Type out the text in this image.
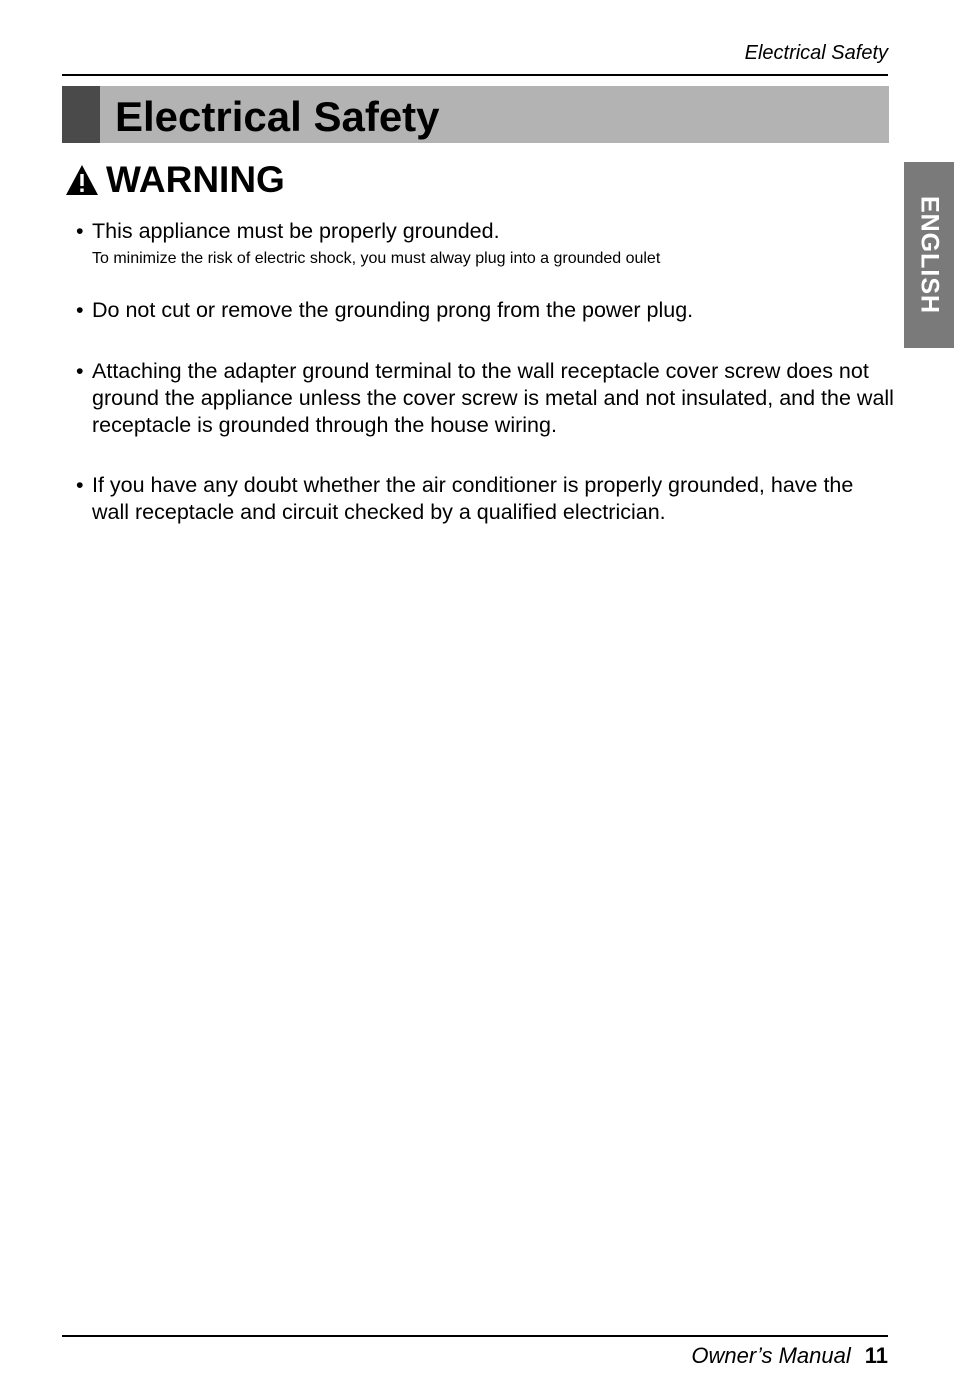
Electrical Safety
Electrical Safety
ENGLISH
WARNING
• This appliance must be properly grounded.
To minimize the risk of electric shock, you must alway plug into a grounded oulet
• Do not cut or remove the grounding prong from the power plug.
• Attaching the adapter ground terminal to the wall receptacle cover screw does not ground the appliance unless the cover screw is metal and not insulated, and the wall receptacle is grounded through the house wiring.
• If you have any doubt whether the air conditioner is properly grounded, have the wall receptacle and circuit checked by a qualified electrician.
Owner’s Manual 11
